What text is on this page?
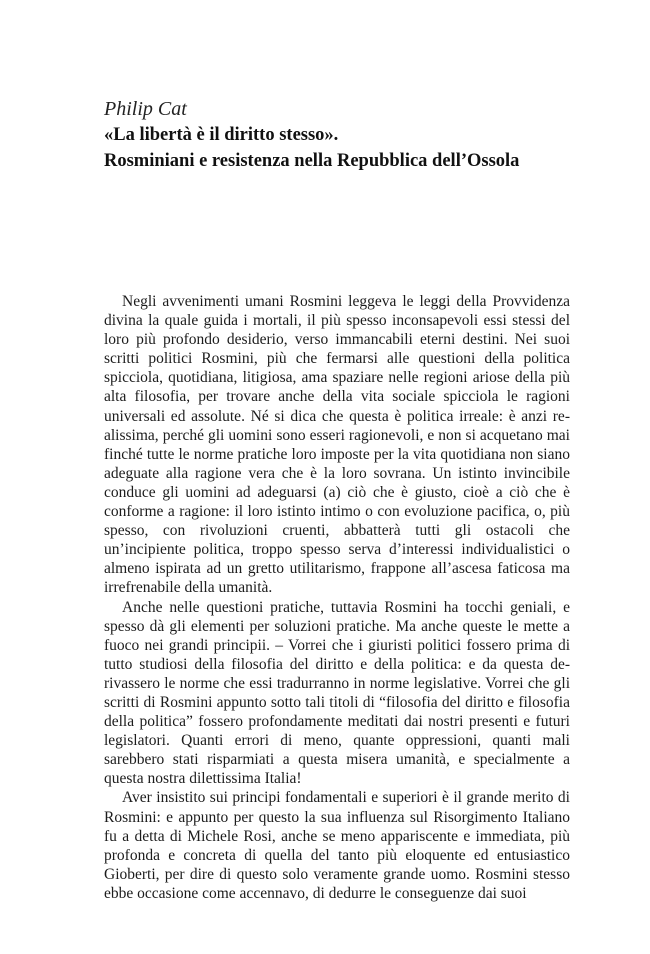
Philip Cat
«La libertà è il diritto stesso».
Rosminiani e resistenza nella Repubblica dell’Ossola

Negli avvenimenti umani Rosmini leggeva le leggi della Provvidenza divina la quale guida i mortali, il più spesso inconsapevoli essi stessi del loro più profondo desiderio, verso immancabili eterni destini. Nei suoi scritti politici Rosmini, più che fermarsi alle questioni della politica spicciola, quotidiana, litigiosa, ama spaziare nelle regioni ariose della più alta filosofia, per trovare anche della vita sociale spicciola le ragioni universali ed assolute. Né si dica che questa è politica irreale: è anzi realissima, perché gli uomini sono esseri ragionevoli, e non si acquetano mai finché tutte le norme pratiche loro imposte per la vita quotidiana non siano adeguate alla ragione vera che è la loro sovrana. Un istinto invincibile conduce gli uomini ad adeguarsi (a) ciò che è giusto, cioè a ciò che è conforme a ragione: il loro istinto intimo o con evoluzione pacifica, o, più spesso, con rivoluzioni cruenti, abbatterà tutti gli ostacoli che un’incipiente politica, troppo spesso serva d’interessi individualistici o almeno ispirata ad un gretto utilitarismo, frappone all’ascesa faticosa ma irrefrenabile della umanità.

Anche nelle questioni pratiche, tuttavia Rosmini ha tocchi geniali, e spesso dà gli elementi per soluzioni pratiche. Ma anche queste le mette a fuoco nei grandi principii. – Vorrei che i giuristi politici fossero prima di tutto studiosi della filosofia del diritto e della politica: e da questa derivassero le norme che essi tradurranno in norme legislative. Vorrei che gli scritti di Rosmini appunto sotto tali titoli di “filosofia del diritto e filosofia della politica” fossero profondamente meditati dai nostri presenti e futuri legislatori. Quanti errori di meno, quante oppressioni, quanti mali sarebbero stati risparmiati a questa misera umanità, e specialmente a questa nostra dilettissima Italia!

Aver insistito sui principi fondamentali e superiori è il grande merito di Rosmini: e appunto per questo la sua influenza sul Risorgimento Italiano fu a detta di Michele Rosi, anche se meno appariscente e immediata, più profonda e concreta di quella del tanto più eloquente ed entusiastico Gioberti, per dire di questo solo veramente grande uomo. Rosmini stesso ebbe occasione come accennavo, di dedurre le conseguenze dai suoi
